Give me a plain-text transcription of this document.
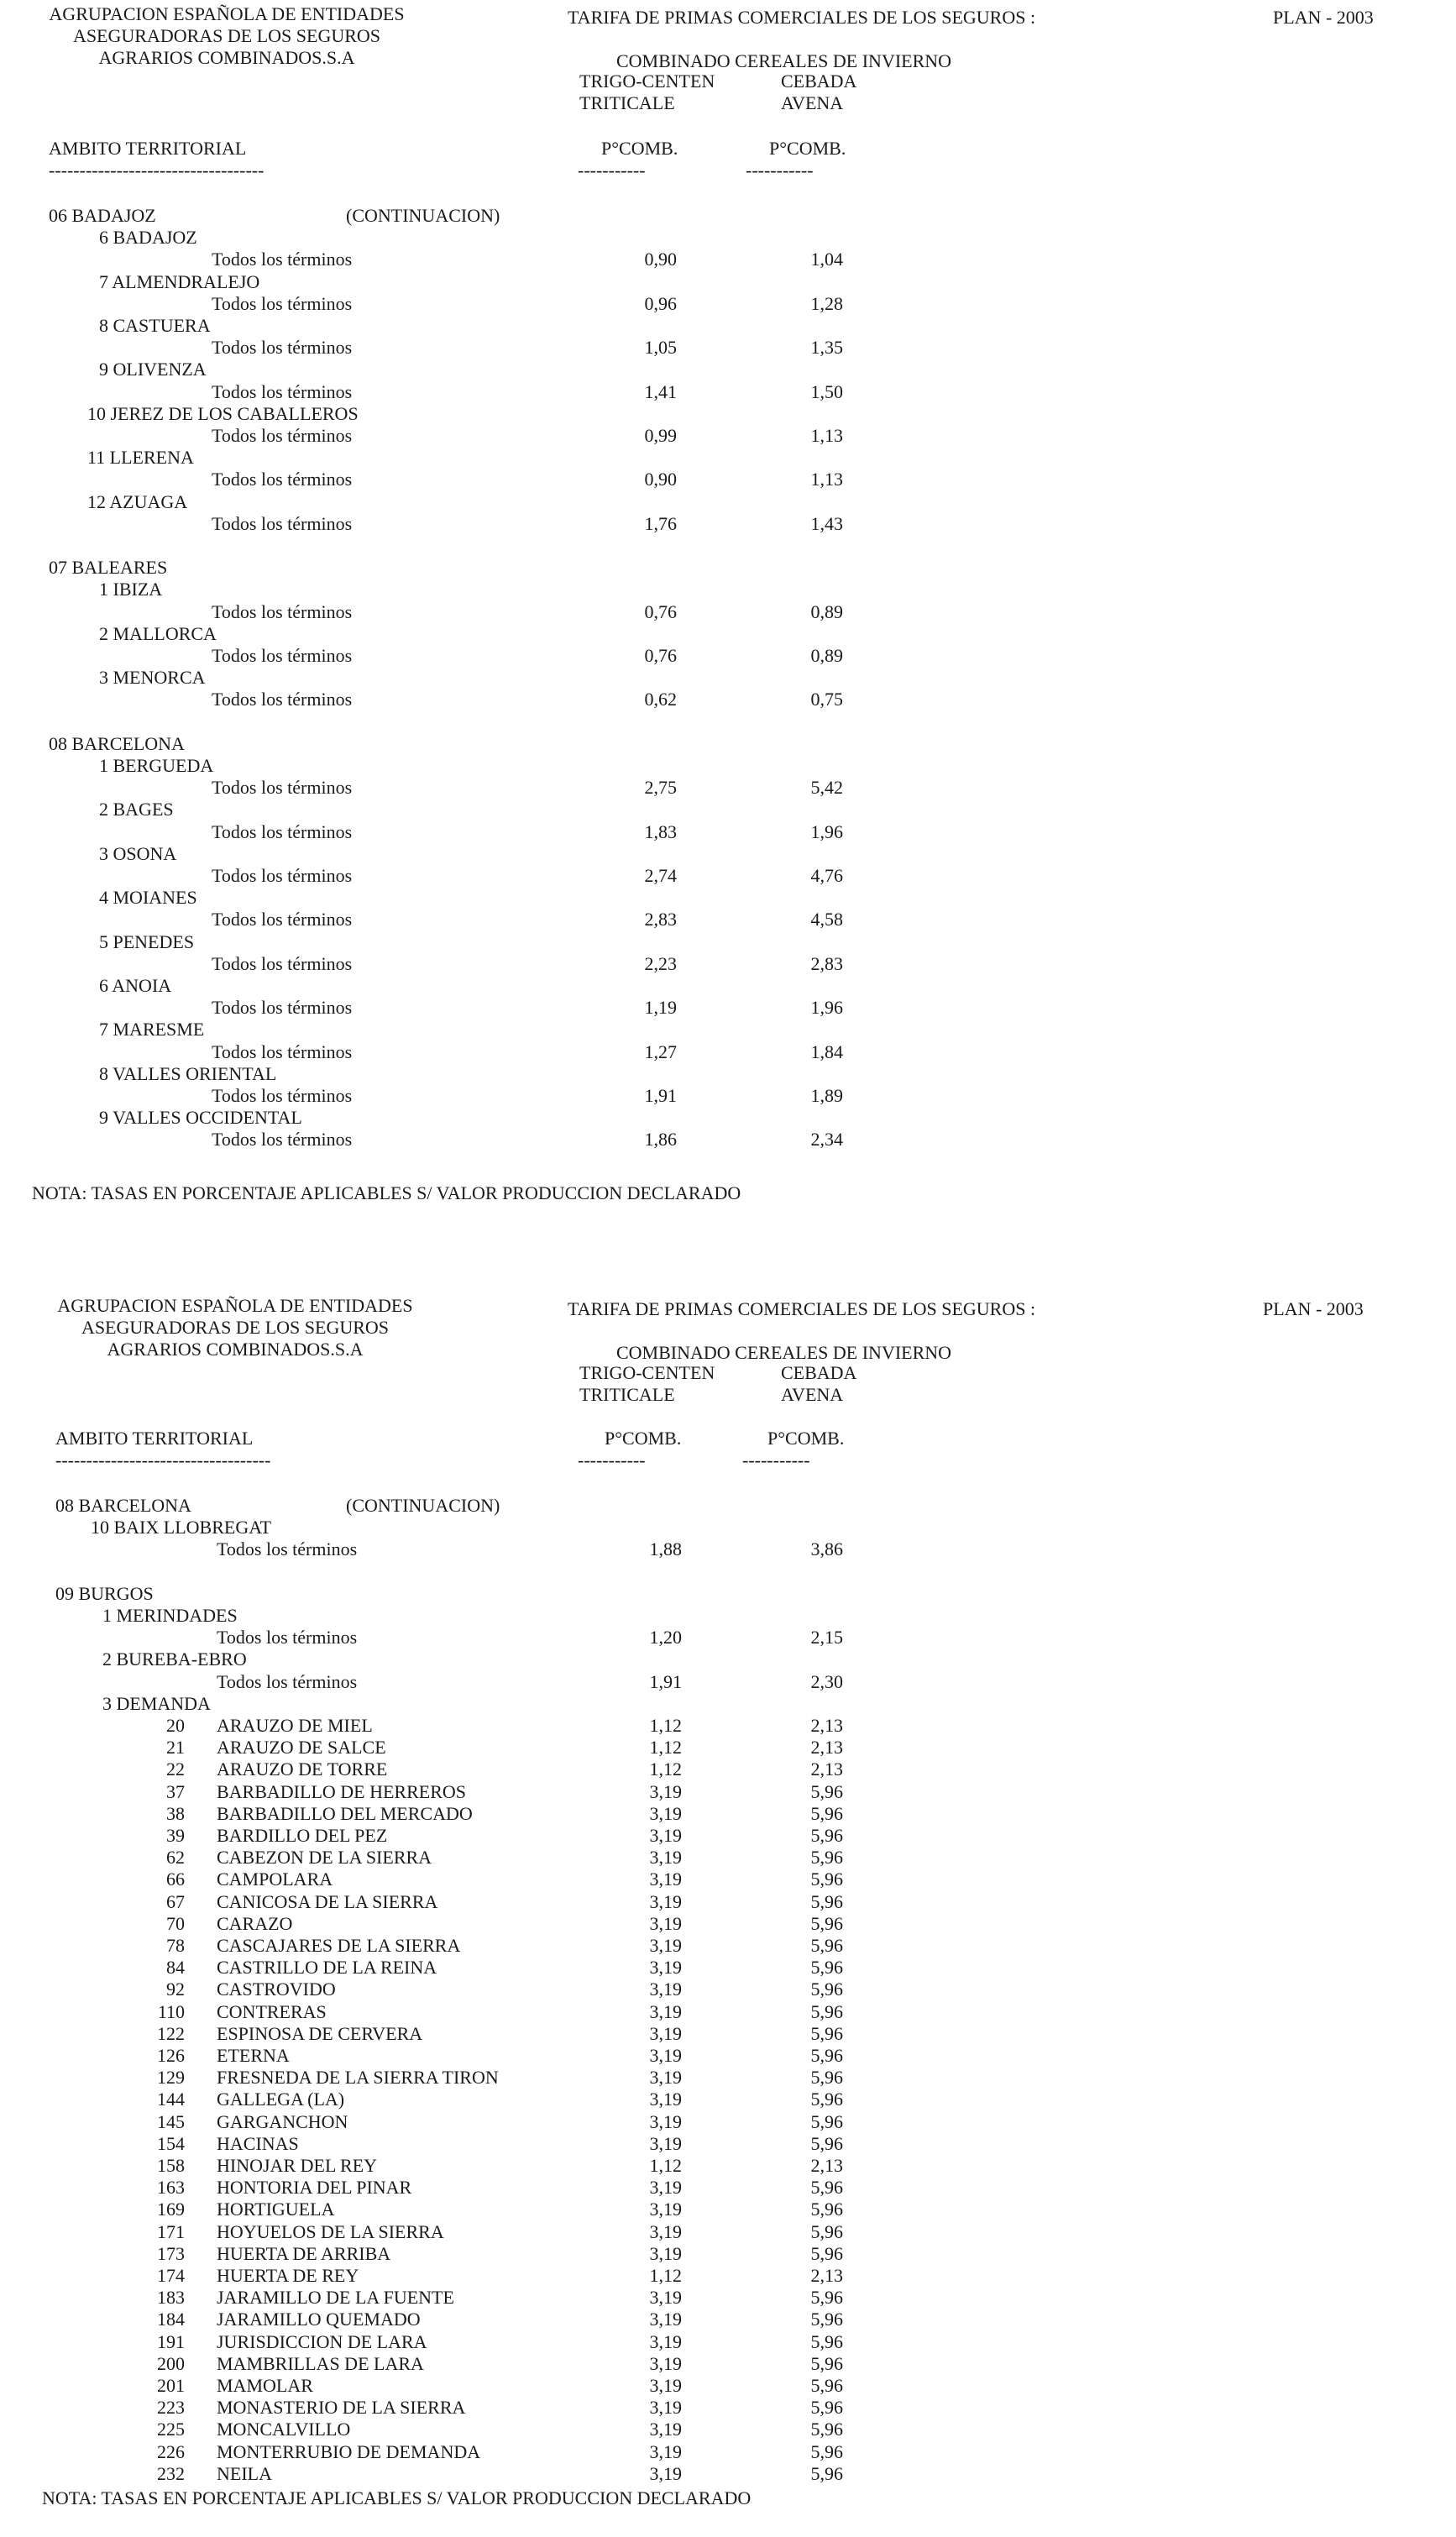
AGRUPACION ESPAÑOLA DE ENTIDADES
ASEGURADORAS DE LOS SEGUROS
AGRARIOS COMBINADOS.S.A
TARIFA DE PRIMAS COMERCIALES DE LOS SEGUROS :	PLAN - 2003
COMBINADO CEREALES DE INVIERNO
TRIGO-CENTEN
TRITICALE
CEBADA
AVENA
AMBITO TERRITORIAL	P°COMB.	P°COMB.
-----------------------------------	-----------	-----------
06 BADAJOZ	(CONTINUACION)
6 BADAJOZ
Todos los términos	0,90	1,04
7 ALMENDRALEJO
Todos los términos	0,96	1,28
8 CASTUERA
Todos los términos	1,05	1,35
9 OLIVENZA
Todos los términos	1,41	1,50
10 JEREZ DE LOS CABALLEROS
Todos los términos	0,99	1,13
11 LLERENA
Todos los términos	0,90	1,13
12 AZUAGA
Todos los términos	1,76	1,43
07 BALEARES
1 IBIZA
Todos los términos	0,76	0,89
2 MALLORCA
Todos los términos	0,76	0,89
3 MENORCA
Todos los términos	0,62	0,75
08 BARCELONA
1 BERGUEDA
Todos los términos	2,75	5,42
2 BAGES
Todos los términos	1,83	1,96
3 OSONA
Todos los términos	2,74	4,76
4 MOIANES
Todos los términos	2,83	4,58
5 PENEDES
Todos los términos	2,23	2,83
6 ANOIA
Todos los términos	1,19	1,96
7 MARESME
Todos los términos	1,27	1,84
8 VALLES ORIENTAL
Todos los términos	1,91	1,89
9 VALLES OCCIDENTAL
Todos los términos	1,86	2,34
NOTA: TASAS EN PORCENTAJE APLICABLES S/ VALOR PRODUCCION DECLARADO
AGRUPACION ESPAÑOLA DE ENTIDADES
ASEGURADORAS DE LOS SEGUROS
AGRARIOS COMBINADOS.S.A
TARIFA DE PRIMAS COMERCIALES DE LOS SEGUROS :	PLAN - 2003
COMBINADO CEREALES DE INVIERNO
TRIGO-CENTEN
TRITICALE
CEBADA
AVENA
AMBITO TERRITORIAL	P°COMB.	P°COMB.
-----------------------------------	-----------	-----------
08 BARCELONA	(CONTINUACION)
10 BAIX LLOBREGAT
Todos los términos	1,88	3,86
09 BURGOS
1 MERINDADES
Todos los términos	1,20	2,15
2 BUREBA-EBRO
Todos los términos	1,91	2,30
3 DEMANDA
20 ARAUZO DE MIEL	1,12	2,13
21 ARAUZO DE SALCE	1,12	2,13
22 ARAUZO DE TORRE	1,12	2,13
37 BARBADILLO DE HERREROS	3,19	5,96
38 BARBADILLO DEL MERCADO	3,19	5,96
39 BARDILLO DEL PEZ	3,19	5,96
62 CABEZON DE LA SIERRA	3,19	5,96
66 CAMPOLARA	3,19	5,96
67 CANICOSA DE LA SIERRA	3,19	5,96
70 CARAZO	3,19	5,96
78 CASCAJARES DE LA SIERRA	3,19	5,96
84 CASTRILLO DE LA REINA	3,19	5,96
92 CASTROVIDO	3,19	5,96
110 CONTRERAS	3,19	5,96
122 ESPINOSA DE CERVERA	3,19	5,96
126 ETERNA	3,19	5,96
129 FRESNEDA DE LA SIERRA TIRON	3,19	5,96
144 GALLEGA (LA)	3,19	5,96
145 GARGANCHON	3,19	5,96
154 HACINAS	3,19	5,96
158 HINOJAR DEL REY	1,12	2,13
163 HONTORIA DEL PINAR	3,19	5,96
169 HORTIGUELA	3,19	5,96
171 HOYUELOS DE LA SIERRA	3,19	5,96
173 HUERTA DE ARRIBA	3,19	5,96
174 HUERTA DE REY	1,12	2,13
183 JARAMILLO DE LA FUENTE	3,19	5,96
184 JARAMILLO QUEMADO	3,19	5,96
191 JURISDICCION DE LARA	3,19	5,96
200 MAMBRILLAS DE LARA	3,19	5,96
201 MAMOLAR	3,19	5,96
223 MONASTERIO DE LA SIERRA	3,19	5,96
225 MONCALVILLO	3,19	5,96
226 MONTERRUBIO DE DEMANDA	3,19	5,96
232 NEILA	3,19	5,96
NOTA: TASAS EN PORCENTAJE APLICABLES S/ VALOR PRODUCCION DECLARADO
